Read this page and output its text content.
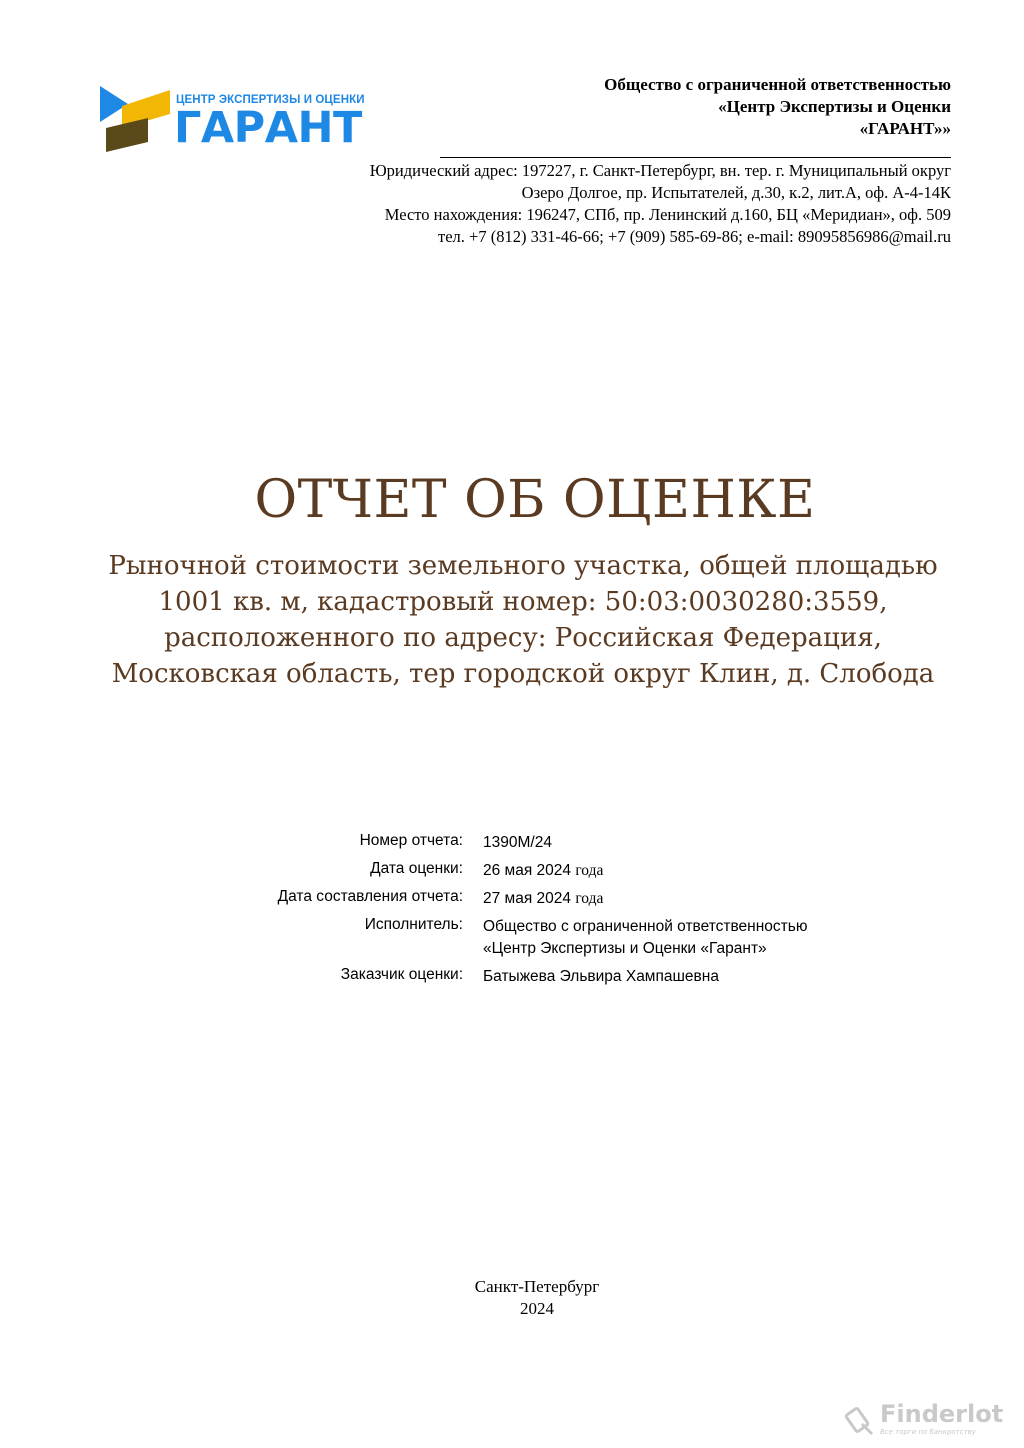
ЦЕНТР ЭКСПЕРТИЗЫ И ОЦЕНКИ
ГАРАНТ
Общество с ограниченной ответственностью
«Центр Экспертизы и Оценки
«ГАРАНТ»»
Юридический адрес: 197227, г. Санкт-Петербург, вн. тер. г. Муниципальный округ
Озеро Долгое, пр. Испытателей, д.30, к.2, лит.А, оф. А-4-14К
Место нахождения: 196247, СПб, пр. Ленинский д.160, БЦ «Меридиан», оф. 509
тел. +7 (812) 331-46-66; +7 (909) 585-69-86; e-mail: 89095856986@mail.ru
ОТЧЕТ ОБ ОЦЕНКЕ
Рыночной стоимости земельного участка, общей площадью
1001 кв. м, кадастровый номер: 50:03:0030280:3559,
расположенного по адресу: Российская Федерация,
Московская область, тер городской округ Клин, д. Слобода
Номер отчета: 1390М/24
Дата оценки: 26 мая 2024 года
Дата составления отчета: 27 мая 2024 года
Исполнитель: Общество с ограниченной ответственностью
«Центр Экспертизы и Оценки «Гарант»
Заказчик оценки: Батыжева Эльвира Хампашевна
Санкт-Петербург
2024
Finderlot
Все торги по банкротству
